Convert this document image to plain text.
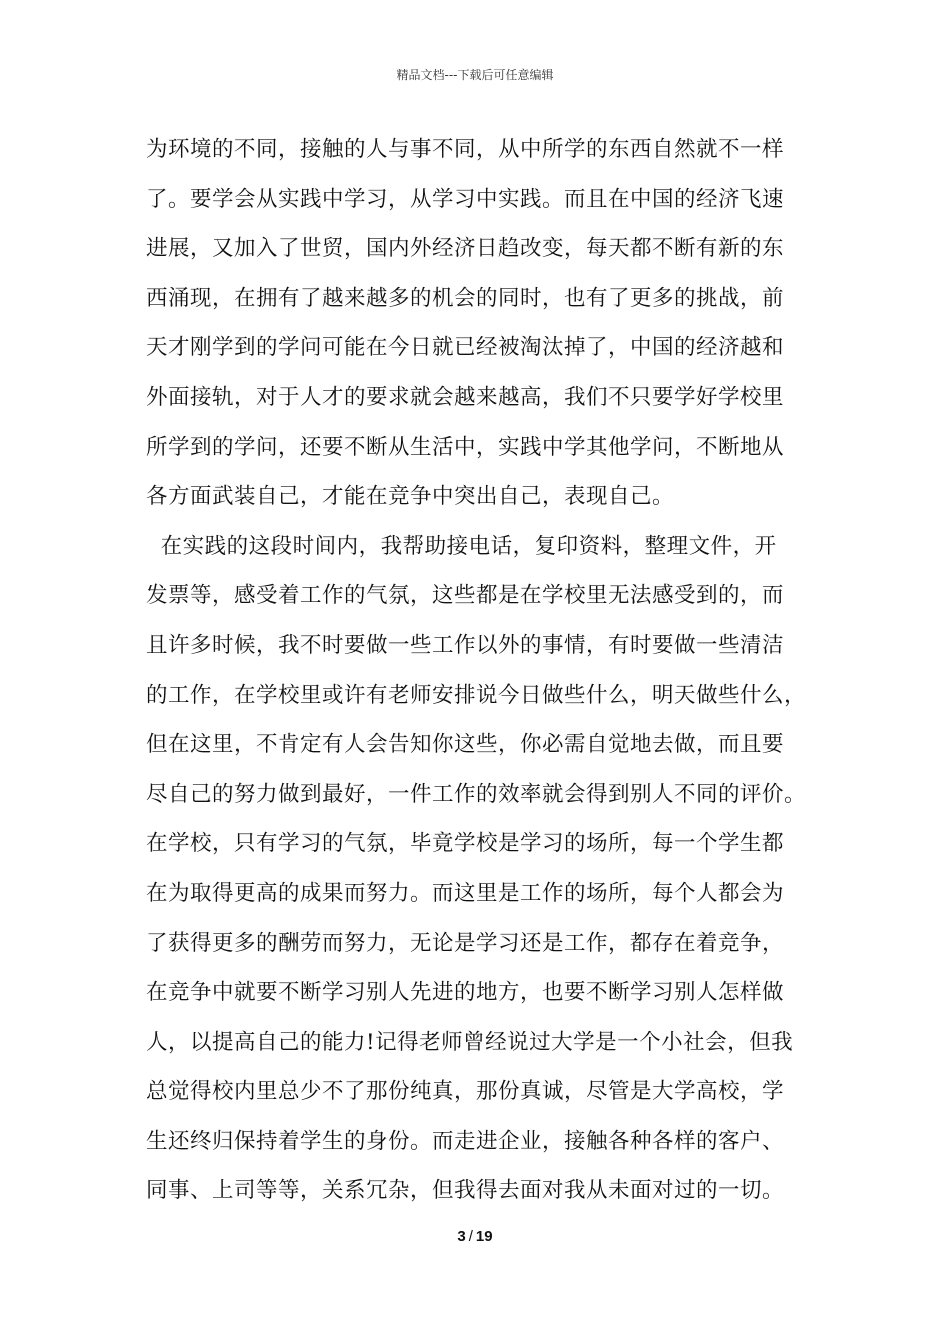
精品文档---下载后可任意编辑
为环境的不同，接触的人与事不同，从中所学的东西自然就不一样
了。要学会从实践中学习，从学习中实践。而且在中国的经济飞速
进展，又加入了世贸，国内外经济日趋改变，每天都不断有新的东
西涌现，在拥有了越来越多的机会的同时，也有了更多的挑战，前
天才刚学到的学问可能在今日就已经被淘汰掉了，中国的经济越和
外面接轨，对于人才的要求就会越来越高，我们不只要学好学校里
所学到的学问，还要不断从生活中，实践中学其他学问，不断地从
各方面武装自己，才能在竞争中突出自己，表现自己。
在实践的这段时间内，我帮助接电话，复印资料，整理文件，开
发票等，感受着工作的气氛，这些都是在学校里无法感受到的，而
且许多时候，我不时要做一些工作以外的事情，有时要做一些清洁
的工作，在学校里或许有老师安排说今日做些什么，明天做些什么，
但在这里，不肯定有人会告知你这些，你必需自觉地去做，而且要
尽自己的努力做到最好，一件工作的效率就会得到别人不同的评价。
在学校，只有学习的气氛，毕竟学校是学习的场所，每一个学生都
在为取得更高的成果而努力。而这里是工作的场所，每个人都会为
了获得更多的酬劳而努力，无论是学习还是工作，都存在着竞争，
在竞争中就要不断学习别人先进的地方，也要不断学习别人怎样做
人，以提高自己的能力!记得老师曾经说过大学是一个小社会，但我
总觉得校内里总少不了那份纯真，那份真诚，尽管是大学高校，学
生还终归保持着学生的身份。而走进企业，接触各种各样的客户、
同事、上司等等，关系冗杂，但我得去面对我从未面对过的一切。
3 / 19
